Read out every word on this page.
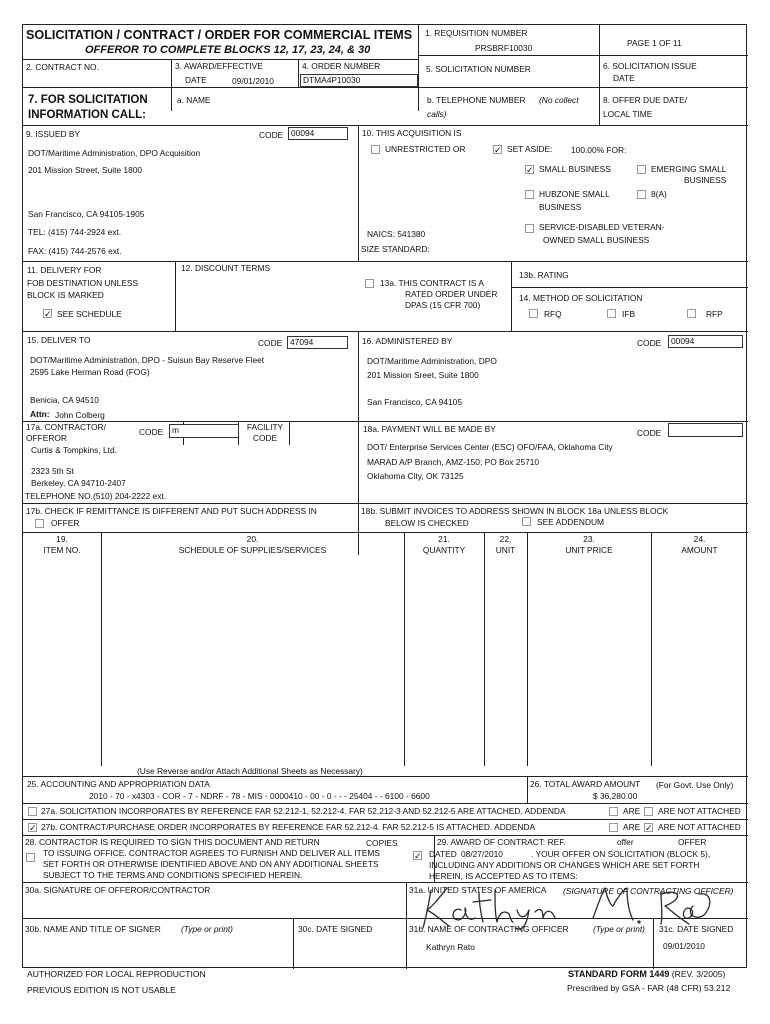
SOLICITATION / CONTRACT / ORDER FOR COMMERCIAL ITEMS
OFFEROR TO COMPLETE BLOCKS 12, 17, 23, 24, & 30
1. REQUISITION NUMBER
PRSBRF10030	PAGE 1 OF 11
2. CONTRACT NO.	3. AWARD/EFFECTIVE
DATE	09/01/2010
4. ORDER NUMBER
DTMA4P10030
5. SOLICITATION NUMBER	6. SOLICITATION ISSUE
DATE
7. FOR SOLICITATION
INFORMATION CALL:
a. NAME	b. TELEPHONE NUMBER (No collect
calls)
8. OFFER DUE DATE/
LOCAL TIME
9. ISSUED BY	CODE 00094
DOT/Maritime Administration, DPO Acquisition
201 Mission Street, Suite 1800
San Francisco, CA 94105-1905
TEL: (415) 744-2924 ext.
FAX: (415) 744-2576 ext.
10. THIS ACQUISITION IS
UNRESTRICTED OR	✓ SET ASIDE: 100.00% FOR:
✓ SMALL BUSINESS	EMERGING SMALL
BUSINESS
HUBZONE SMALL
BUSINESS
8(A)
SERVICE-DISABLED VETERAN-
OWNED SMALL BUSINESS
NAICS: 541380
SIZE STANDARD:
11. DELIVERY FOR
FOB DESTINATION UNLESS
BLOCK IS MARKED
✓ SEE SCHEDULE
12. DISCOUNT TERMS
13a. THIS CONTRACT IS A
RATED ORDER UNDER
DPAS (15 CFR 700)
13b. RATING
14. METHOD OF SOLICITATION
RFQ	IFB	RFP
15. DELIVER TO	CODE 47094
DOT/Maritime Administration, DPO - Suisun Bay Reserve Fleet
2595 Lake Herman Road (FOG)
Benicia, CA 94510
Attn: John Colberg
16. ADMINISTERED BY	CODE	00094
DOT/Maritime Administration, DPO
201 Mission Sreet, Suite 1800
San Francisco, CA 94105
17a. CONTRACTOR/
OFFEROR
CODE	m	FACILITY
CODE
Curtis & Tompkins, Ltd.
2323 5th St
Berkeley, CA 94710-2407
TELEPHONE NO.(510) 204-2222 ext.
17b. CHECK IF REMITTANCE IS DIFFERENT AND PUT SUCH ADDRESS IN
OFFER
18a. PAYMENT WILL BE MADE BY	CODE
DOT/ Enterprise Services Center (ESC) OFO/FAA, Oklahoma City
MARAD A/P Branch, AMZ-150; PO Box 25710
Oklahoma City, OK 73125
18b. SUBMIT INVOICES TO ADDRESS SHOWN IN BLOCK 18a UNLESS BLOCK
BELOW IS CHECKED	SEE ADDENDUM
19.
ITEM NO.
20.
SCHEDULE OF SUPPLIES/SERVICES
21.
QUANTITY
22.
UNIT
23.
UNIT PRICE
24.
AMOUNT
(Use Reverse and/or Attach Additional Sheets as Necessary)
25. ACCOUNTING AND APPROPRIATION DATA
2010 - 70 - x4303 - COR - 7 - NDRF - 78 - MIS - 0000410 - 00 - 0 - - - 25404 - - 6100 - 6600
26. TOTAL AWARD AMOUNT (For Govt. Use Only)
$ 36,280.00
27a. SOLICITATION INCORPORATES BY REFERENCE FAR 52.212-1, 52.212-4. FAR 52.212-3 AND 52.212-5 ARE ATTACHED. ADDENDA	ARE ARE NOT ATTACHED
✓ 27b. CONTRACT/PURCHASE ORDER INCORPORATES BY REFERENCE FAR 52.212-4. FAR 52.212-5 IS ATTACHED. ADDENDA	ARE ✓ ARE NOT ATTACHED
28. CONTRACTOR IS REQUIRED TO SIGN THIS DOCUMENT AND RETURN	COPIES
TO ISSUING OFFICE. CONTRACTOR AGREES TO FURNISH AND DELIVER ALL ITEMS
SET FORTH OR OTHERWISE IDENTIFIED ABOVE AND ON ANY ADDITIONAL SHEETS
SUBJECT TO THE TERMS AND CONDITIONS SPECIFIED HEREIN.
29. AWARD OF CONTRACT: REF.	offer	OFFER
✓ DATED 08/27/2010	. YOUR OFFER ON SOLICITATION (BLOCK 5),
INCLUDING ANY ADDITIONS OR CHANGES WHICH ARE SET FORTH
HEREIN, IS ACCEPTED AS TO ITEMS:
30a. SIGNATURE OF OFFEROR/CONTRACTOR	31a. UNITED STATES OF AMERICA (SIGNATURE OF CONTRACTING OFFICER)
30b. NAME AND TITLE OF SIGNER (Type or print)	30c. DATE SIGNED	31b. NAME OF CONTRACTING OFFICER	(Type or print)
Kathryn Rato
31c. DATE SIGNED
09/01/2010
AUTHORIZED FOR LOCAL REPRODUCTION
PREVIOUS EDITION IS NOT USABLE
STANDARD FORM 1449 (REV. 3/2005)
Prescribed by GSA - FAR (48 CFR) 53.212
